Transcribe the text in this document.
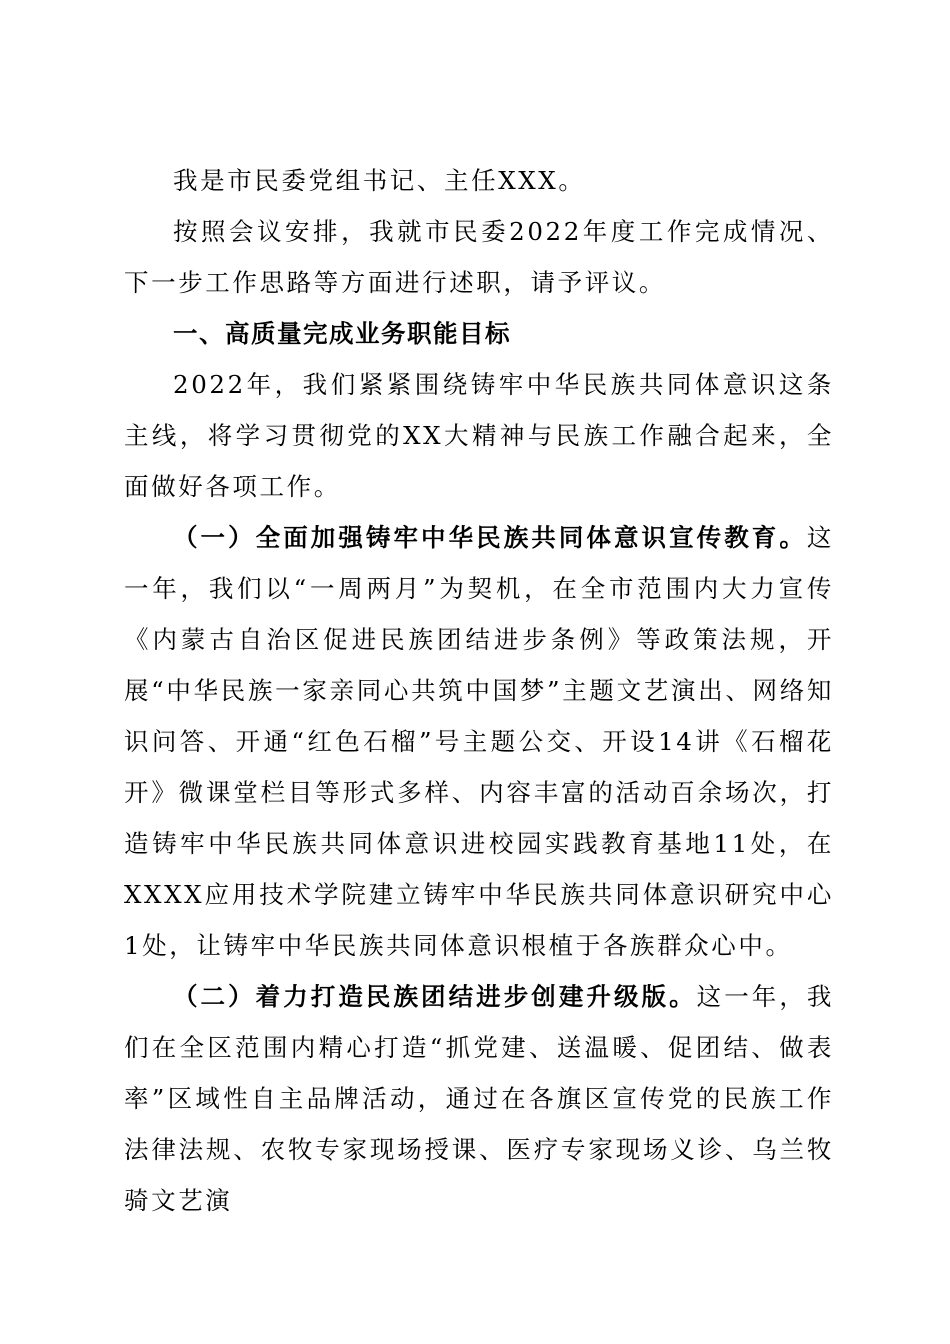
我是市民委党组书记、主任XXX。

按照会议安排，我就市民委2022年度工作完成情况、下一步工作思路等方面进行述职，请予评议。

一、高质量完成业务职能目标

2022年，我们紧紧围绕铸牢中华民族共同体意识这条主线，将学习贯彻党的XX大精神与民族工作融合起来，全面做好各项工作。

（一）全面加强铸牢中华民族共同体意识宣传教育。这一年，我们以“一周两月”为契机，在全市范围内大力宣传《内蒙古自治区促进民族团结进步条例》等政策法规，开展“中华民族一家亲同心共筑中国梦”主题文艺演出、网络知识问答、开通“红色石榴”号主题公交、开设14讲《石榴花开》微课堂栏目等形式多样、内容丰富的活动百余场次，打造铸牢中华民族共同体意识进校园实践教育基地11处，在XXXX应用技术学院建立铸牢中华民族共同体意识研究中心1处，让铸牢中华民族共同体意识根植于各族群众心中。

（二）着力打造民族团结进步创建升级版。这一年，我们在全区范围内精心打造“抓党建、送温暖、促团结、做表率”区域性自主品牌活动，通过在各旗区宣传党的民族工作法律法规、农牧专家现场授课、医疗专家现场义诊、乌兰牧骑文艺演
